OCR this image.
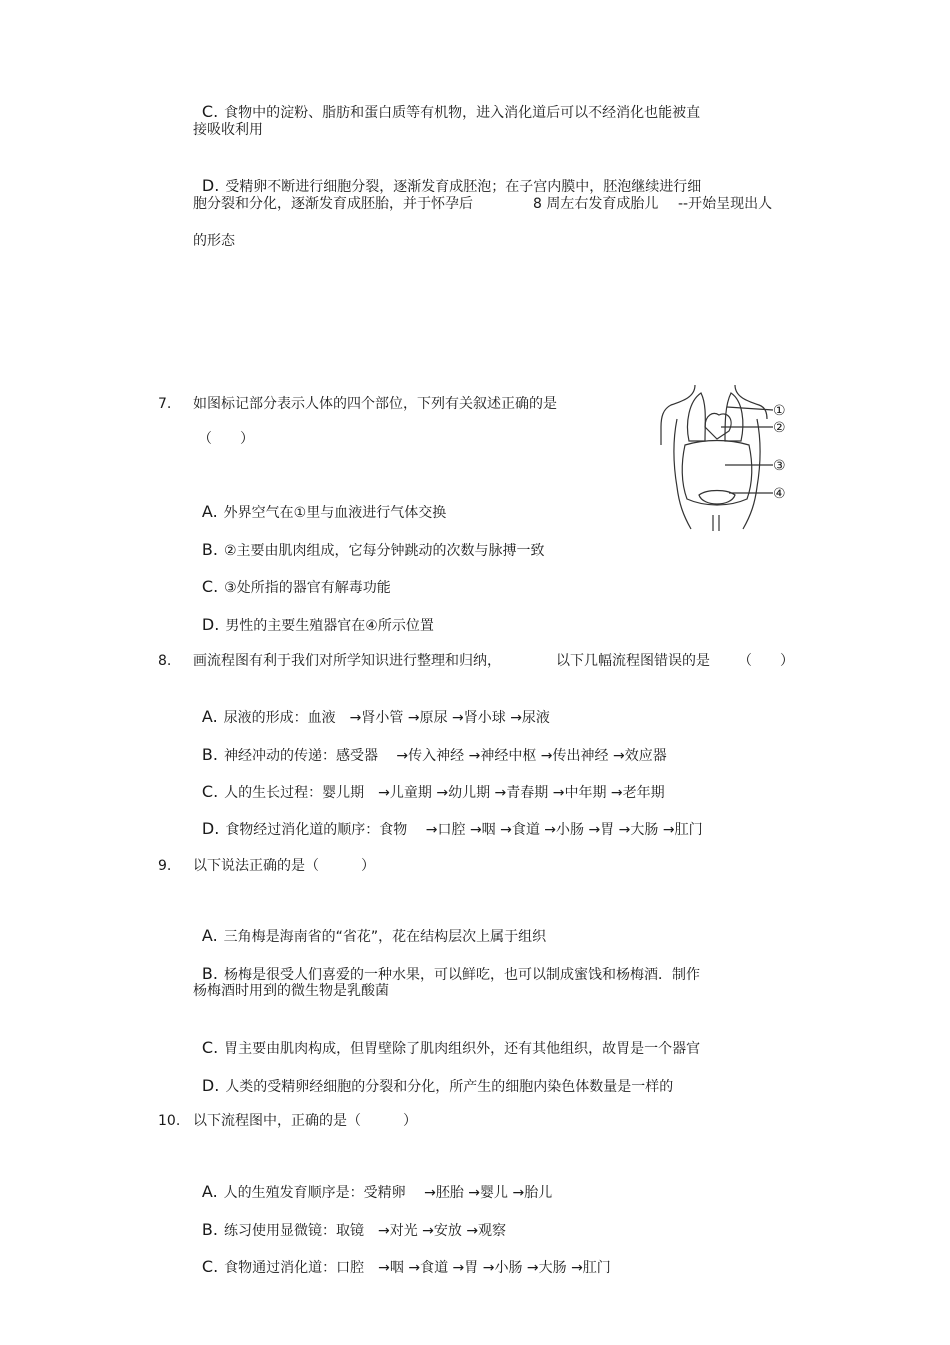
C. 食物中的淀粉、脂肪和蛋白质等有机物，进入消化道后可以不经消化也能被直

接吸收利用

D. 受精卵不断进行细胞分裂，逐渐发育成胚泡；在子宫内膜中，胚泡继续进行细

胞分裂和分化，逐渐发育成胚胎，并于怀孕后	8 周左右发育成胎儿 --开始呈现出人
的形态
7. 如图标记部分表示人体的四个部位，下列有关叙述正确的是
（　　）

A. 外界空气在①里与血液进行气体交换

B. ②主要由肌肉组成，它每分钟跳动的次数与脉搏一致

C. ③处所指的器官有解毒功能

D. 男性的主要生殖器官在④所示位置

①
②
③
④
8. 画流程图有利于我们对所学知识进行整理和归纳，	以下几幅流程图错误的是 （　　）

A. 尿液的形成：血液　→肾小管 →原尿 →肾小球 →尿液

B. 神经冲动的传递：感受器　 →传入神经 →神经中枢 →传出神经 →效应器

C. 人的生长过程：婴儿期　→儿童期 →幼儿期 →青春期 →中年期 →老年期

D. 食物经过消化道的顺序：食物　 →口腔 →咽 →食道 →小肠 →胃 →大肠 →肛门

9. 以下说法正确的是（　　　）

A. 三角梅是海南省的“省花”，花在结构层次上属于组织

B. 杨梅是很受人们喜爱的一种水果，可以鲜吃，也可以制成蜜饯和杨梅酒．制作

杨梅酒时用到的微生物是乳酸菌

C. 胃主要由肌肉构成，但胃壁除了肌肉组织外，还有其他组织，故胃是一个器官

D. 人类的受精卵经细胞的分裂和分化，所产生的细胞内染色体数量是一样的

10. 以下流程图中，正确的是（　　　）

A. 人的生殖发育顺序是：受精卵　 →胚胎 →婴儿 →胎儿

B. 练习使用显微镜：取镜　→对光 →安放 →观察

C. 食物通过消化道：口腔　→咽 →食道 →胃 →小肠 →大肠 →肛门
